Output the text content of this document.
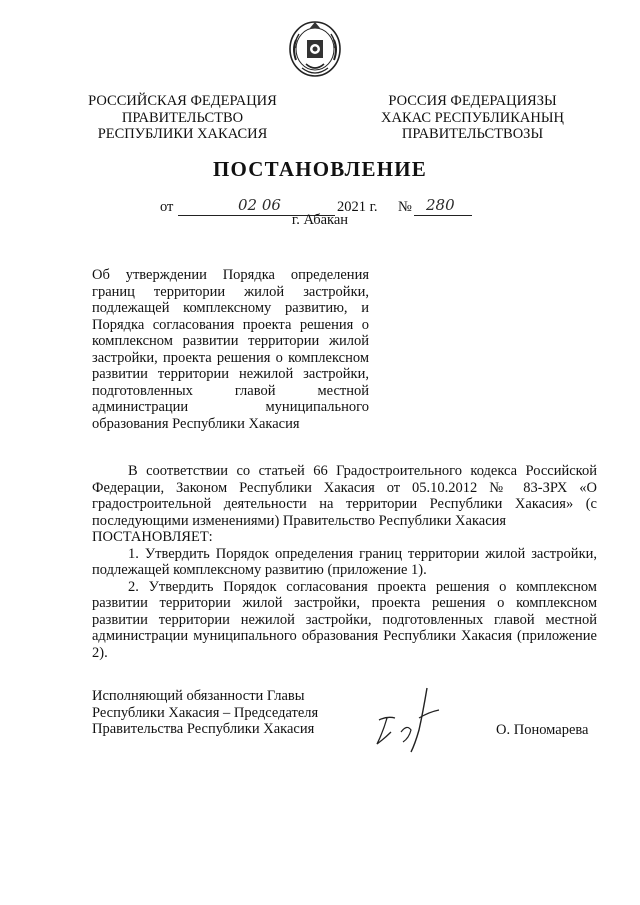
РОССИЙСКАЯ ФЕДЕРАЦИЯ
ПРАВИТЕЛЬСТВО
РЕСПУБЛИКИ ХАКАСИЯ
РОССИЯ ФЕДЕРАЦИЯЗЫ
ХАКАС РЕСПУБЛИКАНЫҢ
ПРАВИТЕЛЬСТВОЗЫ
ПОСТАНОВЛЕНИЕ
от	02 06	2021 г. № 280
г. Абакан
Об утверждении Порядка определения границ территории жилой застройки, подлежащей комплексному развитию, и Порядка согласования проекта решения о комплексном развитии территории жилой застройки, проекта решения о комплексном развитии территории нежилой застройки, подготовленных главой местной администрации муниципального образования Республики Хакасия

В соответствии со статьей 66 Градостроительного кодекса Российской Федерации, Законом Республики Хакасия от 05.10.2012 № 83-ЗРХ «О градостроительной деятельности на территории Республики Хакасия» (с последующими изменениями) Правительство Республики Хакасия

ПОСТАНОВЛЯЕТ:

1. Утвердить Порядок определения границ территории жилой застройки, подлежащей комплексному развитию (приложение 1).

2. Утвердить Порядок согласования проекта решения о комплексном развитии территории жилой застройки, проекта решения о комплексном развитии территории нежилой застройки, подготовленных главой местной администрации муниципального образования Республики Хакасия (приложение 2).

Исполняющий обязанности Главы
Республики Хакасия – Председателя
Правительства Республики Хакасия	О. Пономарева
